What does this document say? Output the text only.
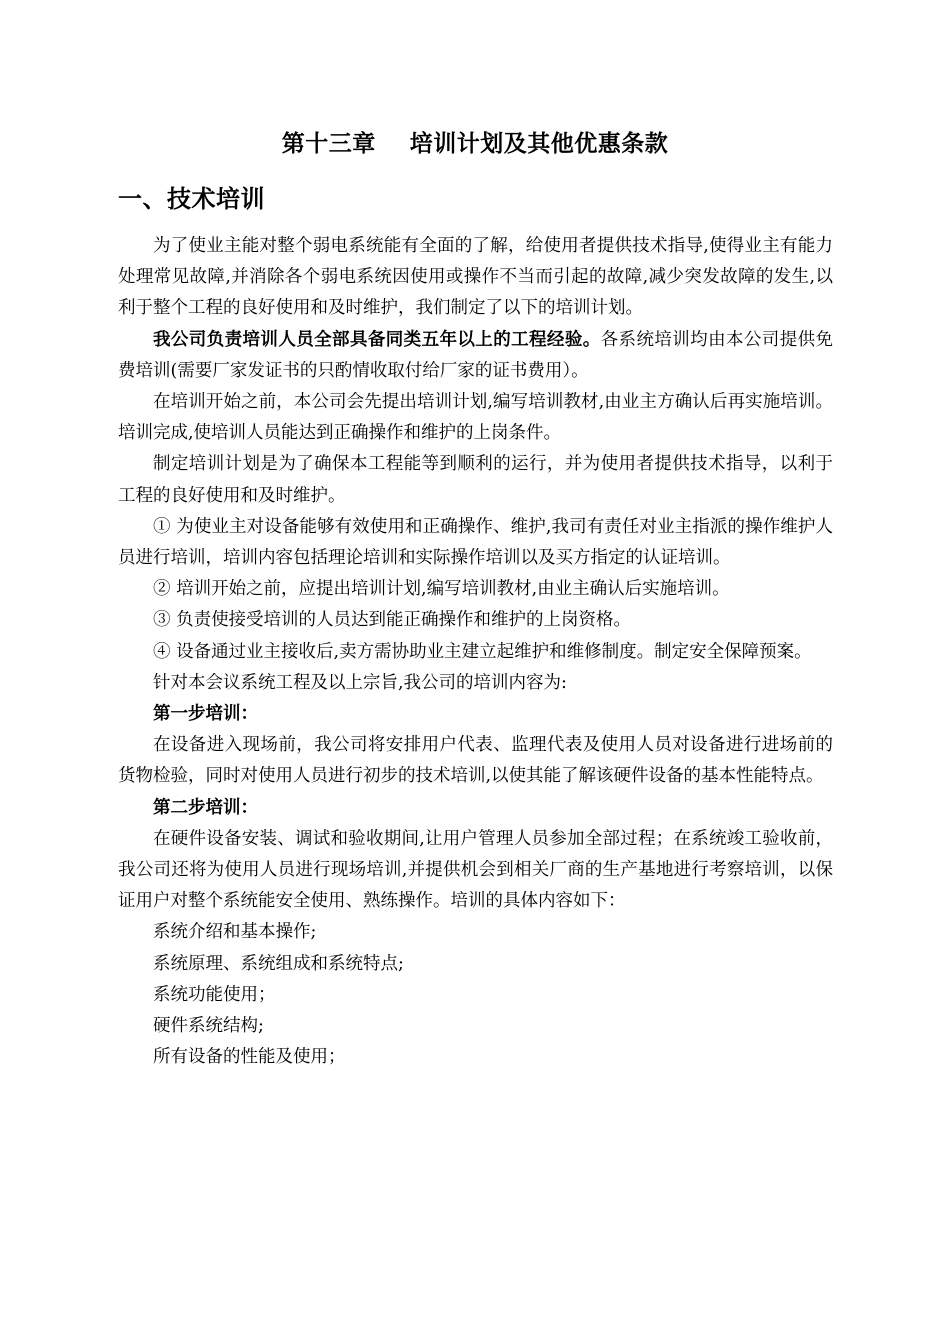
第十三章    培训计划及其他优惠条款
一、技术培训

为了使业主能对整个弱电系统能有全面的了解，给使用者提供技术指导,使得业主有能力处理常见故障,并消除各个弱电系统因使用或操作不当而引起的故障,减少突发故障的发生,以利于整个工程的良好使用和及时维护，我们制定了以下的培训计划。

我公司负责培训人员全部具备同类五年以上的工程经验。各系统培训均由本公司提供免费培训(需要厂家发证书的只酌情收取付给厂家的证书费用）。

在培训开始之前，本公司会先提出培训计划,编写培训教材,由业主方确认后再实施培训。培训完成,使培训人员能达到正确操作和维护的上岗条件。

制定培训计划是为了确保本工程能等到顺利的运行，并为使用者提供技术指导，以利于工程的良好使用和及时维护。

① 为使业主对设备能够有效使用和正确操作、维护,我司有责任对业主指派的操作维护人员进行培训，培训内容包括理论培训和实际操作培训以及买方指定的认证培训。

② 培训开始之前，应提出培训计划,编写培训教材,由业主确认后实施培训。

③ 负责使接受培训的人员达到能正确操作和维护的上岗资格。

④ 设备通过业主接收后,卖方需协助业主建立起维护和维修制度。制定安全保障预案。

针对本会议系统工程及以上宗旨,我公司的培训内容为:

第一步培训：

在设备进入现场前，我公司将安排用户代表、监理代表及使用人员对设备进行进场前的货物检验，同时对使用人员进行初步的技术培训,以使其能了解该硬件设备的基本性能特点。

第二步培训：

在硬件设备安装、调试和验收期间,让用户管理人员参加全部过程；在系统竣工验收前，我公司还将为使用人员进行现场培训,并提供机会到相关厂商的生产基地进行考察培训，以保证用户对整个系统能安全使用、熟练操作。培训的具体内容如下：

系统介绍和基本操作;

系统原理、系统组成和系统特点;

系统功能使用；

硬件系统结构;

所有设备的性能及使用；
